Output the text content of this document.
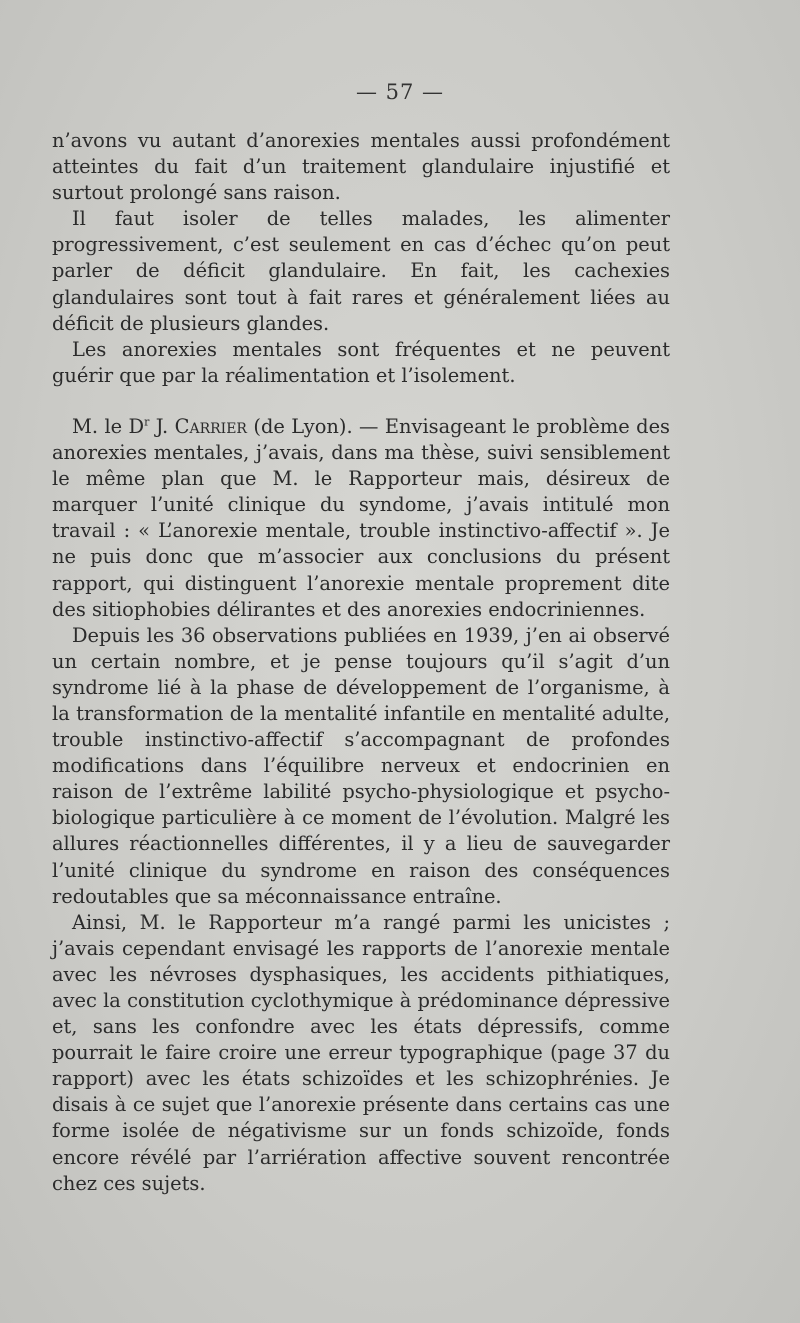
— 57 —

n’avons vu autant d’anorexies mentales aussi profondément atteintes du fait d’un traitement glandulaire injustifié et surtout prolongé sans raison.

Il faut isoler de telles malades, les alimenter progressivement, c’est seulement en cas d’échec qu’on peut parler de déficit glandulaire. En fait, les cachexies glandulaires sont tout à fait rares et généralement liées au déficit de plusieurs glandes.

Les anorexies mentales sont fréquentes et ne peuvent guérir que par la réalimentation et l’isolement.

M. le $D^r$ J. Carrier (de Lyon). — Envisageant le problème des anorexies mentales, j’avais, dans ma thèse, suivi sensiblement le même plan que M. le Rapporteur mais, désireux de marquer l’unité clinique du syndome, j’avais intitulé mon travail : « L’anorexie mentale, trouble instinctivo-affectif ». Je ne puis donc que m’associer aux conclusions du présent rapport, qui distinguent l’anorexie mentale proprement dite des sitiophobies délirantes et des anorexies endocriniennes.

Depuis les 36 observations publiées en 1939, j’en ai observé un certain nombre, et je pense toujours qu’il s’agit d’un syndrome lié à la phase de développement de l’organisme, à la transformation de la mentalité infantile en mentalité adulte, trouble instinctivo-affectif s’accompagnant de profondes modifications dans l’équilibre nerveux et endocrinien en raison de l’extrême labilité psycho-physiologique et psycho-biologique particulière à ce moment de l’évolution. Malgré les allures réactionnelles différentes, il y a lieu de sauvegarder l’unité clinique du syndrome en raison des conséquences redoutables que sa méconnaissance entraîne.

Ainsi, M. le Rapporteur m’a rangé parmi les unicistes ; j’avais cependant envisagé les rapports de l’anorexie mentale avec les névroses dysphasiques, les accidents pithiatiques, avec la constitution cyclothymique à prédominance dépressive et, sans les confondre avec les états dépressifs, comme pourrait le faire croire une erreur typographique (page 37 du rapport) avec les états schizoïdes et les schizophrénies. Je disais à ce sujet que l’anorexie présente dans certains cas une forme isolée de négativisme sur un fonds schizoïde, fonds encore révélé par l’arriération affective souvent rencontrée chez ces sujets.
